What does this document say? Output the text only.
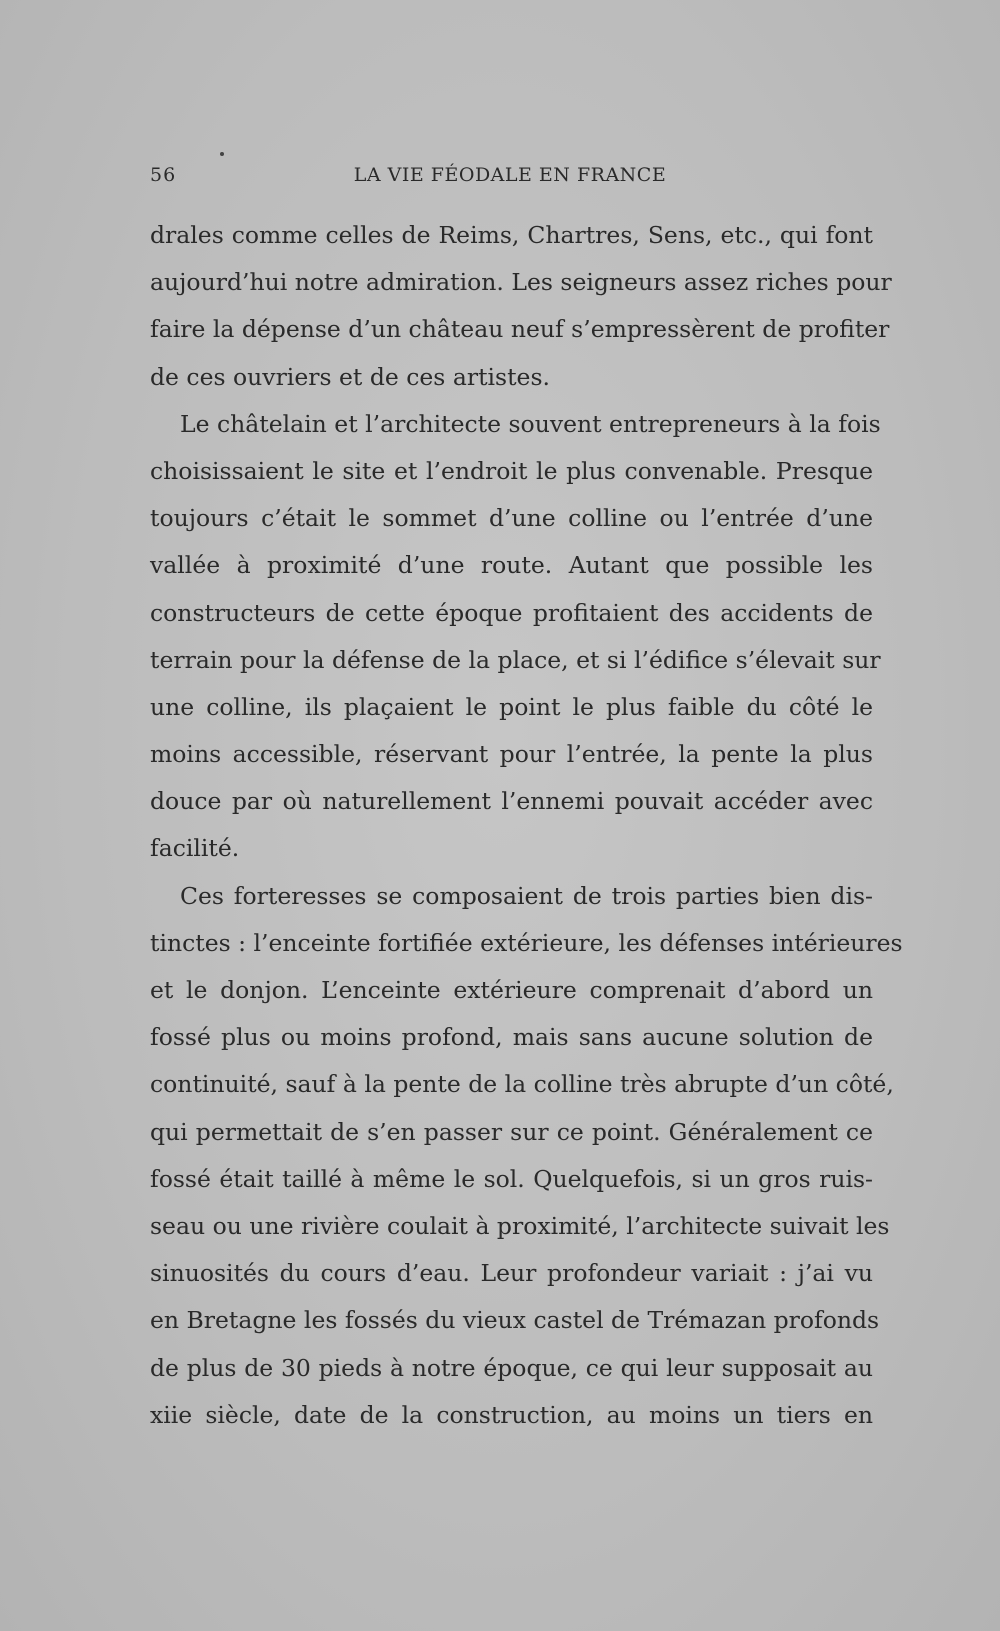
56	LA VIE FÉODALE EN FRANCE
drales comme celles de Reims, Chartres, Sens, etc., qui font
aujourd’hui notre admiration. Les seigneurs assez riches pour
faire la dépense d’un château neuf s’empressèrent de profiter
de ces ouvriers et de ces artistes.
Le châtelain et l’architecte souvent entrepreneurs à la fois
choisissaient le site et l’endroit le plus convenable. Presque
toujours c’était le sommet d’une colline ou l’entrée d’une
vallée à proximité d’une route. Autant que possible les
constructeurs de cette époque profitaient des accidents de
terrain pour la défense de la place, et si l’édifice s’élevait sur
une colline, ils plaçaient le point le plus faible du côté le
moins accessible, réservant pour l’entrée, la pente la plus
douce par où naturellement l’ennemi pouvait accéder avec
facilité.
Ces forteresses se composaient de trois parties bien dis-
tinctes : l’enceinte fortifiée extérieure, les défenses intérieures
et le donjon. L’enceinte extérieure comprenait d’abord un
fossé plus ou moins profond, mais sans aucune solution de
continuité, sauf à la pente de la colline très abrupte d’un côté,
qui permettait de s’en passer sur ce point. Généralement ce
fossé était taillé à même le sol. Quelquefois, si un gros ruis-
seau ou une rivière coulait à proximité, l’architecte suivait les
sinuosités du cours d’eau. Leur profondeur variait : j’ai vu
en Bretagne les fossés du vieux castel de Trémazan profonds
de plus de 30 pieds à notre époque, ce qui leur supposait au
xiie siècle, date de la construction, au moins un tiers en
